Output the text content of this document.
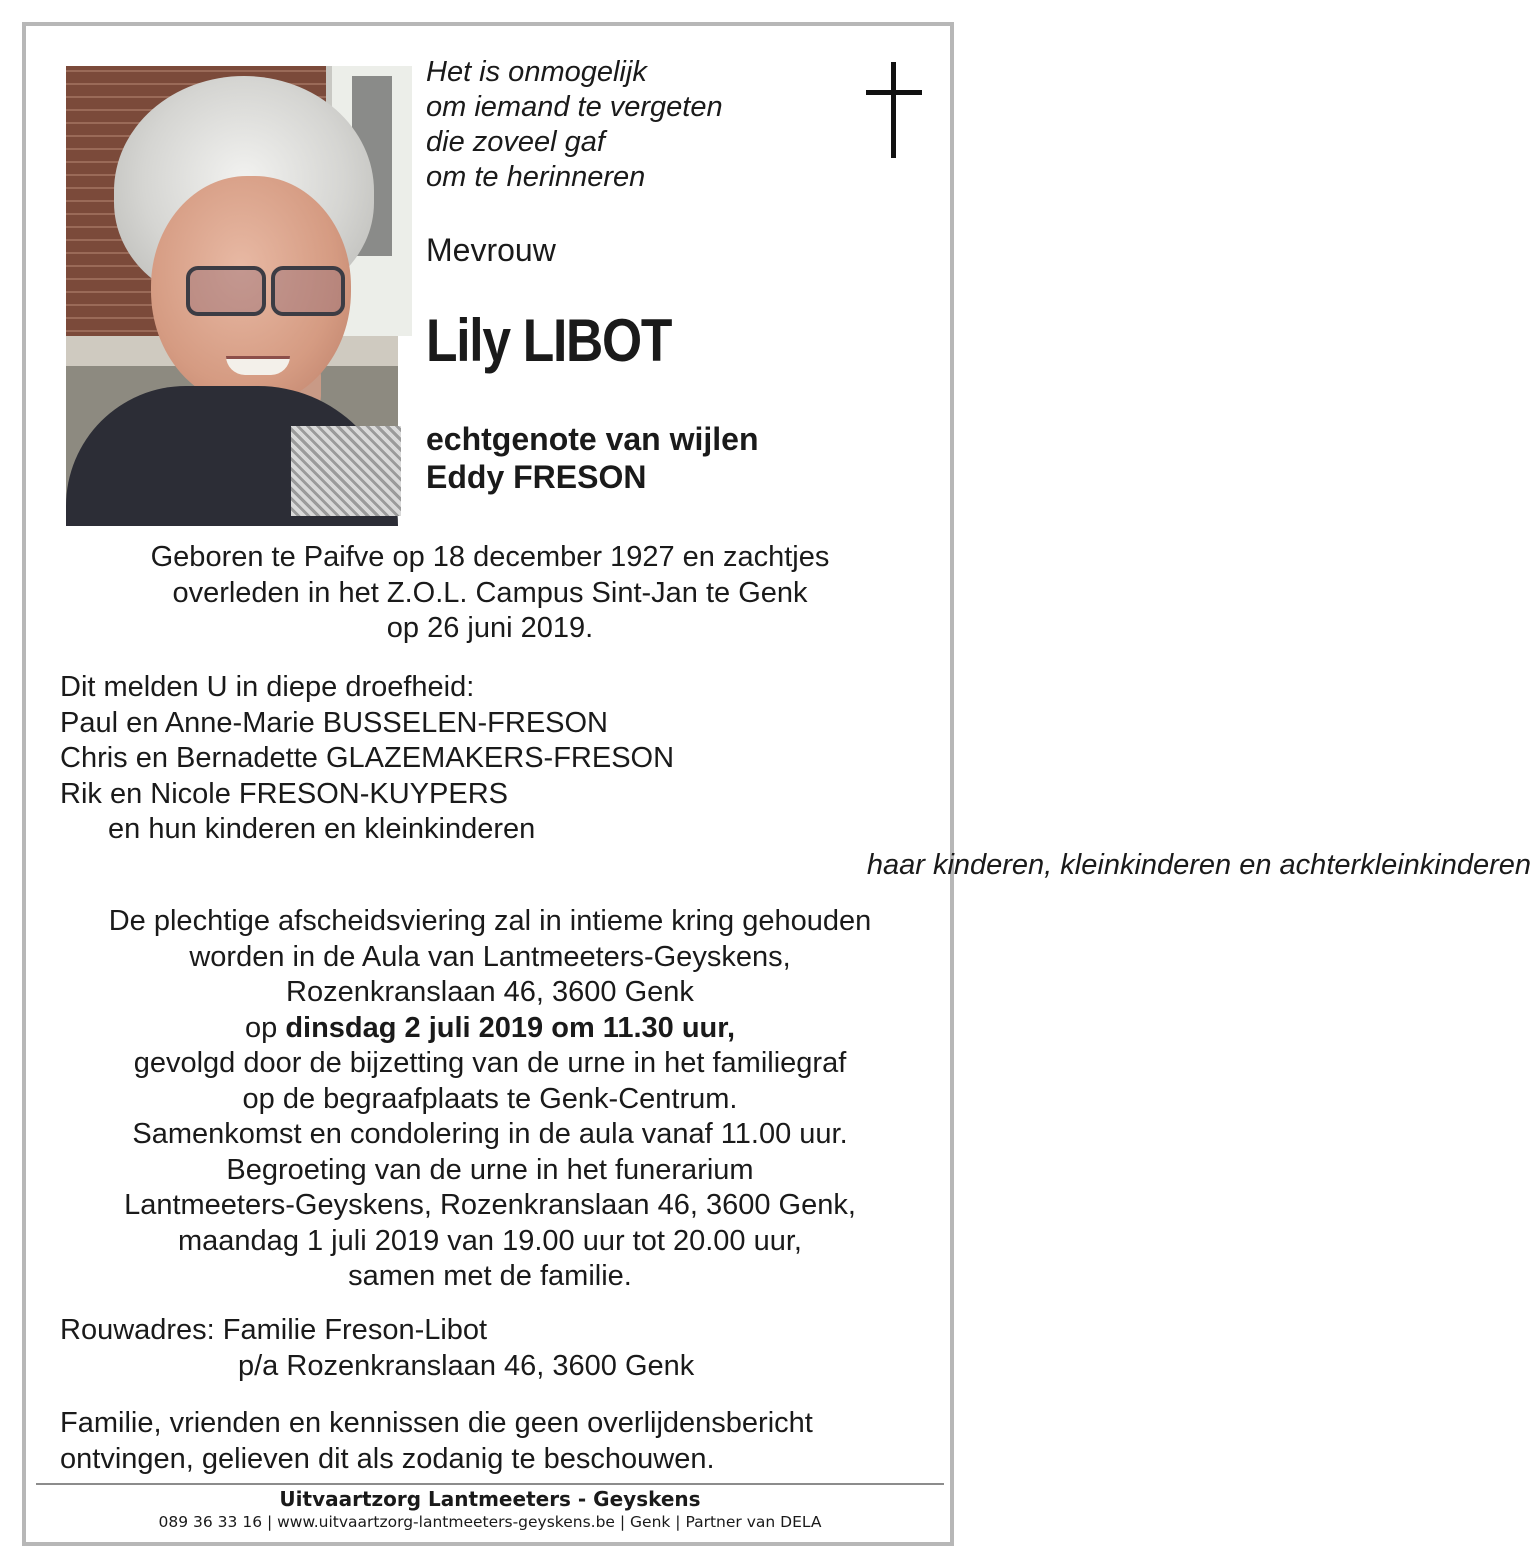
Het is onmogelijk
om iemand te vergeten
die zoveel gaf
om te herinneren
Mevrouw
Lily LIBOT
echtgenote van wijlen
Eddy FRESON
Geboren te Paifve op 18 december 1927 en zachtjes
overleden in het Z.O.L. Campus Sint-Jan te Genk
op 26 juni 2019.
Dit melden U in diepe droefheid:
Paul en Anne-Marie BUSSELEN-FRESON
Chris en Bernadette GLAZEMAKERS-FRESON
Rik en Nicole FRESON-KUYPERS
en hun kinderen en kleinkinderen
haar kinderen, kleinkinderen en achterkleinkinderen
De plechtige afscheidsviering zal in intieme kring gehouden
worden in de Aula van Lantmeeters-Geyskens,
Rozenkranslaan 46, 3600 Genk
op dinsdag 2 juli 2019 om 11.30 uur,
gevolgd door de bijzetting van de urne in het familiegraf
op de begraafplaats te Genk-Centrum.
Samenkomst en condolering in de aula vanaf 11.00 uur.
Begroeting van de urne in het funerarium
Lantmeeters-Geyskens, Rozenkranslaan 46, 3600 Genk,
maandag 1 juli 2019 van 19.00 uur tot 20.00 uur,
samen met de familie.
Rouwadres: Familie Freson-Libot
p/a Rozenkranslaan 46, 3600 Genk
Familie, vrienden en kennissen die geen overlijdensbericht
ontvingen, gelieven dit als zodanig te beschouwen.
Uitvaartzorg Lantmeeters - Geyskens
089 36 33 16 | www.uitvaartzorg-lantmeeters-geyskens.be | Genk | Partner van DELA
